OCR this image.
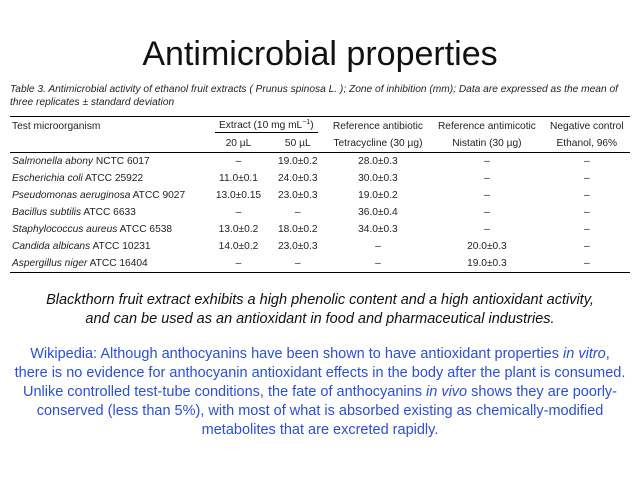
Antimicrobial properties
Table 3. Antimicrobial activity of ethanol fruit extracts ( Prunus spinosa L. ); Zone of inhibition (mm); Data are expressed as the mean of three replicates ± standard deviation
Test microorganism	Extract (10 mg $mL^{-1}$)		Reference antibiotic	Reference antimicotic	Negative control
	20 µL	50 µL	Tetracycline (30 µg)	Nistatin (30 µg)	Ethanol, 96%
Salmonella abony NCTC 6017	–	19.0±0.2	28.0±0.3	–	–
Escherichia coli ATCC 25922	11.0±0.1	24.0±0.3	30.0±0.3	–	–
Pseudomonas aeruginosa ATCC 9027	13.0±0.15	23.0±0.3	19.0±0.2	–	–
Bacillus subtilis ATCC 6633	–	–	36.0±0.4	–	–
Staphylococcus aureus ATCC 6538	13.0±0.2	18.0±0.2	34.0±0.3	–	–
Candida albicans ATCC 10231	14.0±0.2	23.0±0.3	–	20.0±0.3	–
Aspergillus niger ATCC 16404	–	–	–	19.0±0.3	–
Blackthorn fruit extract exhibits a high phenolic content and a high antioxidant activity, and can be used as an antioxidant in food and pharmaceutical industries.
Wikipedia: Although anthocyanins have been shown to have antioxidant properties in vitro, there is no evidence for anthocyanin antioxidant effects in the body after the plant is consumed. Unlike controlled test-tube conditions, the fate of anthocyanins in vivo shows they are poorly-conserved (less than 5%), with most of what is absorbed existing as chemically-modified metabolites that are excreted rapidly.
